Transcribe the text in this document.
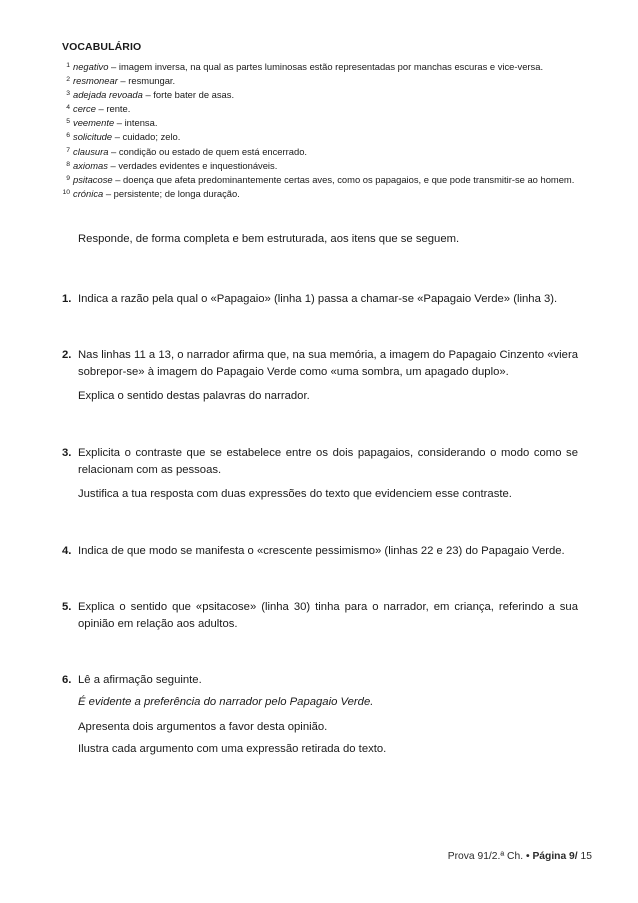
VOCABULÁRIO
1 negativo – imagem inversa, na qual as partes luminosas estão representadas por manchas escuras e vice-versa.
2 resmonear – resmungar.
3 adejada revoada – forte bater de asas.
4 cerce – rente.
5 veemente – intensa.
6 solicitude – cuidado; zelo.
7 clausura – condição ou estado de quem está encerrado.
8 axiomas – verdades evidentes e inquestionáveis.
9 psitacose – doença que afeta predominantemente certas aves, como os papagaios, e que pode transmitir-se ao homem.
10 crónica – persistente; de longa duração.
Responde, de forma completa e bem estruturada, aos itens que se seguem.
1. Indica a razão pela qual o «Papagaio» (linha 1) passa a chamar-se «Papagaio Verde» (linha 3).

2. Nas linhas 11 a 13, o narrador afirma que, na sua memória, a imagem do Papagaio Cinzento «viera sobrepor-se» à imagem do Papagaio Verde como «uma sombra, um apagado duplo».

Explica o sentido destas palavras do narrador.

3. Explicita o contraste que se estabelece entre os dois papagaios, considerando o modo como se relacionam com as pessoas.

Justifica a tua resposta com duas expressões do texto que evidenciem esse contraste.

4. Indica de que modo se manifesta o «crescente pessimismo» (linhas 22 e 23) do Papagaio Verde.

5. Explica o sentido que «psitacose» (linha 30) tinha para o narrador, em criança, referindo a sua opinião em relação aos adultos.

6. Lê a afirmação seguinte.

É evidente a preferência do narrador pelo Papagaio Verde.

Apresenta dois argumentos a favor desta opinião.

Ilustra cada argumento com uma expressão retirada do texto.

Prova 91/2.ª Ch. • Página 9/ 15
